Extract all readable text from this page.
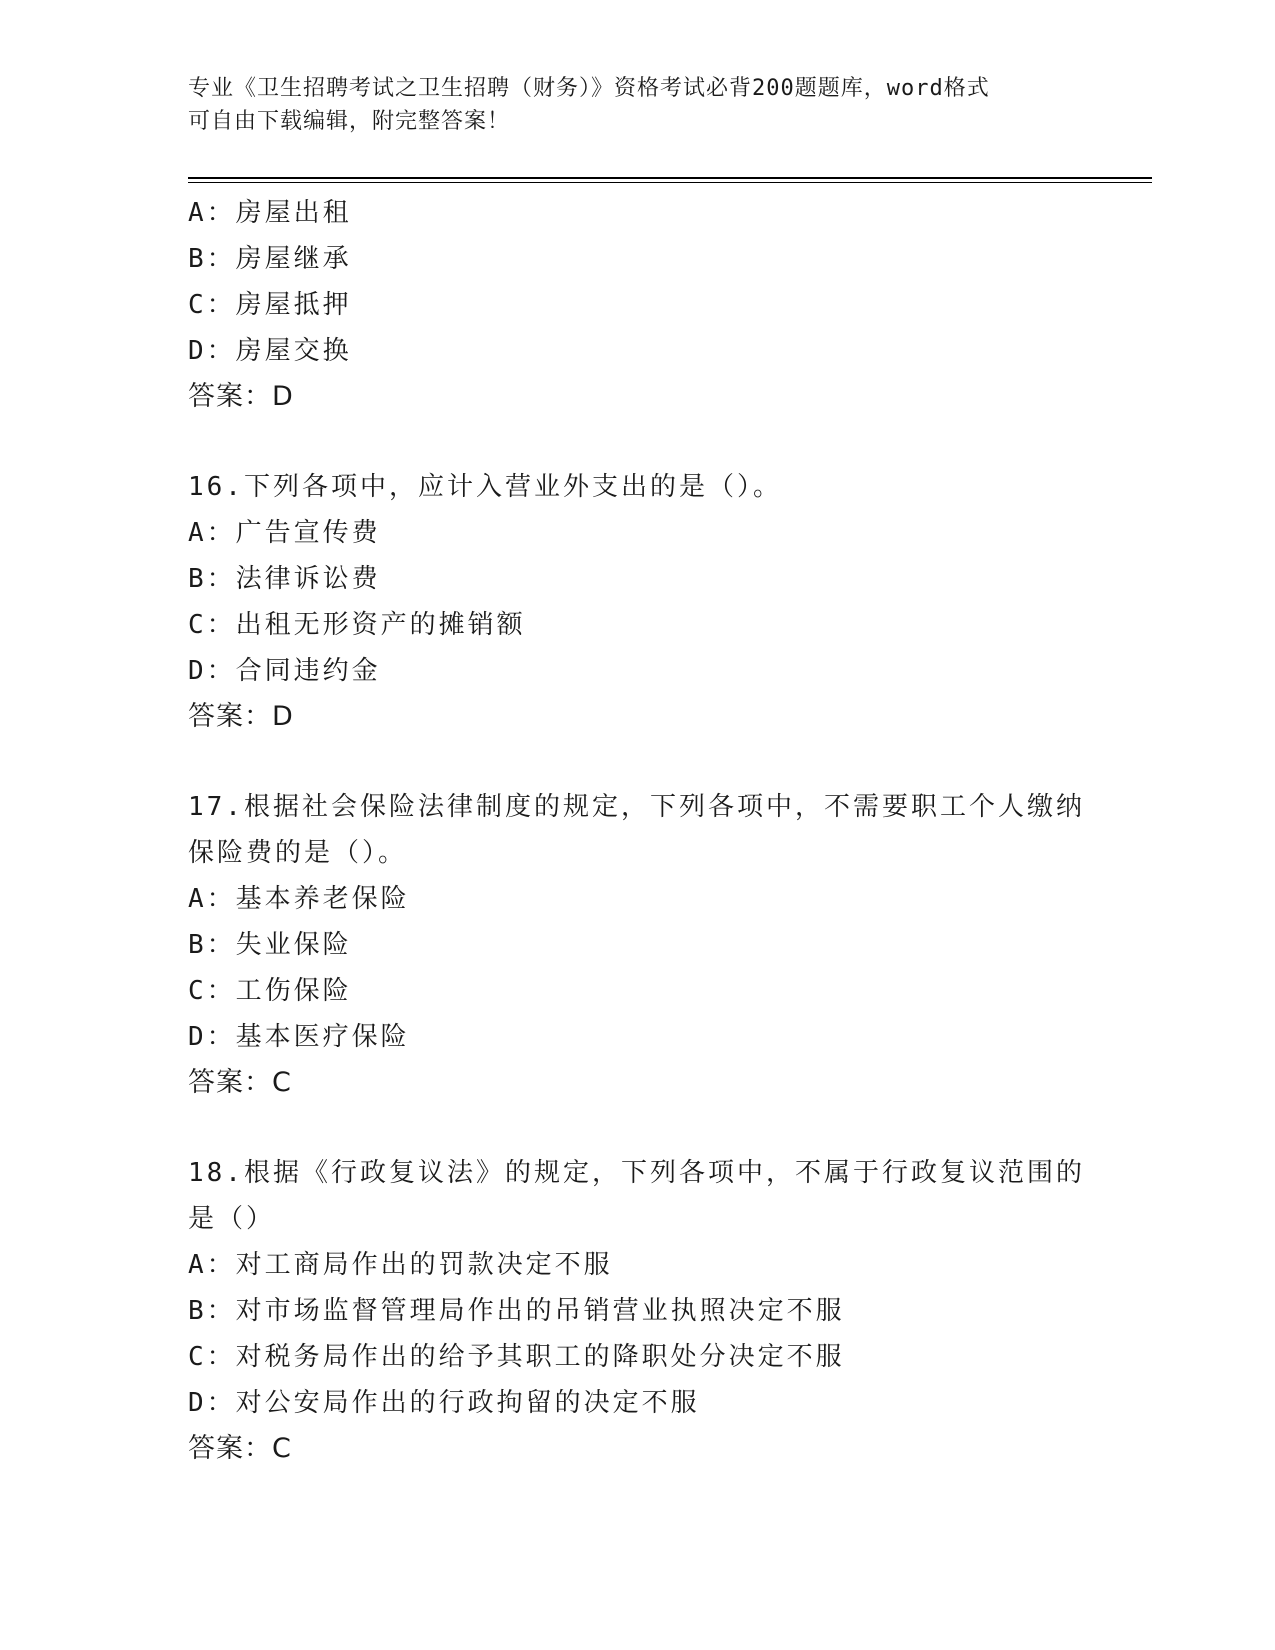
专业《卫生招聘考试之卫生招聘（财务）》资格考试必背200题题库，word格式
可自由下载编辑，附完整答案！
A：房屋出租
B：房屋继承
C：房屋抵押
D：房屋交换
答案：D
16.下列各项中，应计入营业外支出的是（）。
A：广告宣传费
B：法律诉讼费
C：出租无形资产的摊销额
D：合同违约金
答案：D
17.根据社会保险法律制度的规定，下列各项中，不需要职工个人缴纳
保险费的是（）。
A：基本养老保险
B：失业保险
C：工伤保险
D：基本医疗保险
答案：C
18.根据《行政复议法》的规定，下列各项中，不属于行政复议范围的
是（）
A：对工商局作出的罚款决定不服
B：对市场监督管理局作出的吊销营业执照决定不服
C：对税务局作出的给予其职工的降职处分决定不服
D：对公安局作出的行政拘留的决定不服
答案：C
